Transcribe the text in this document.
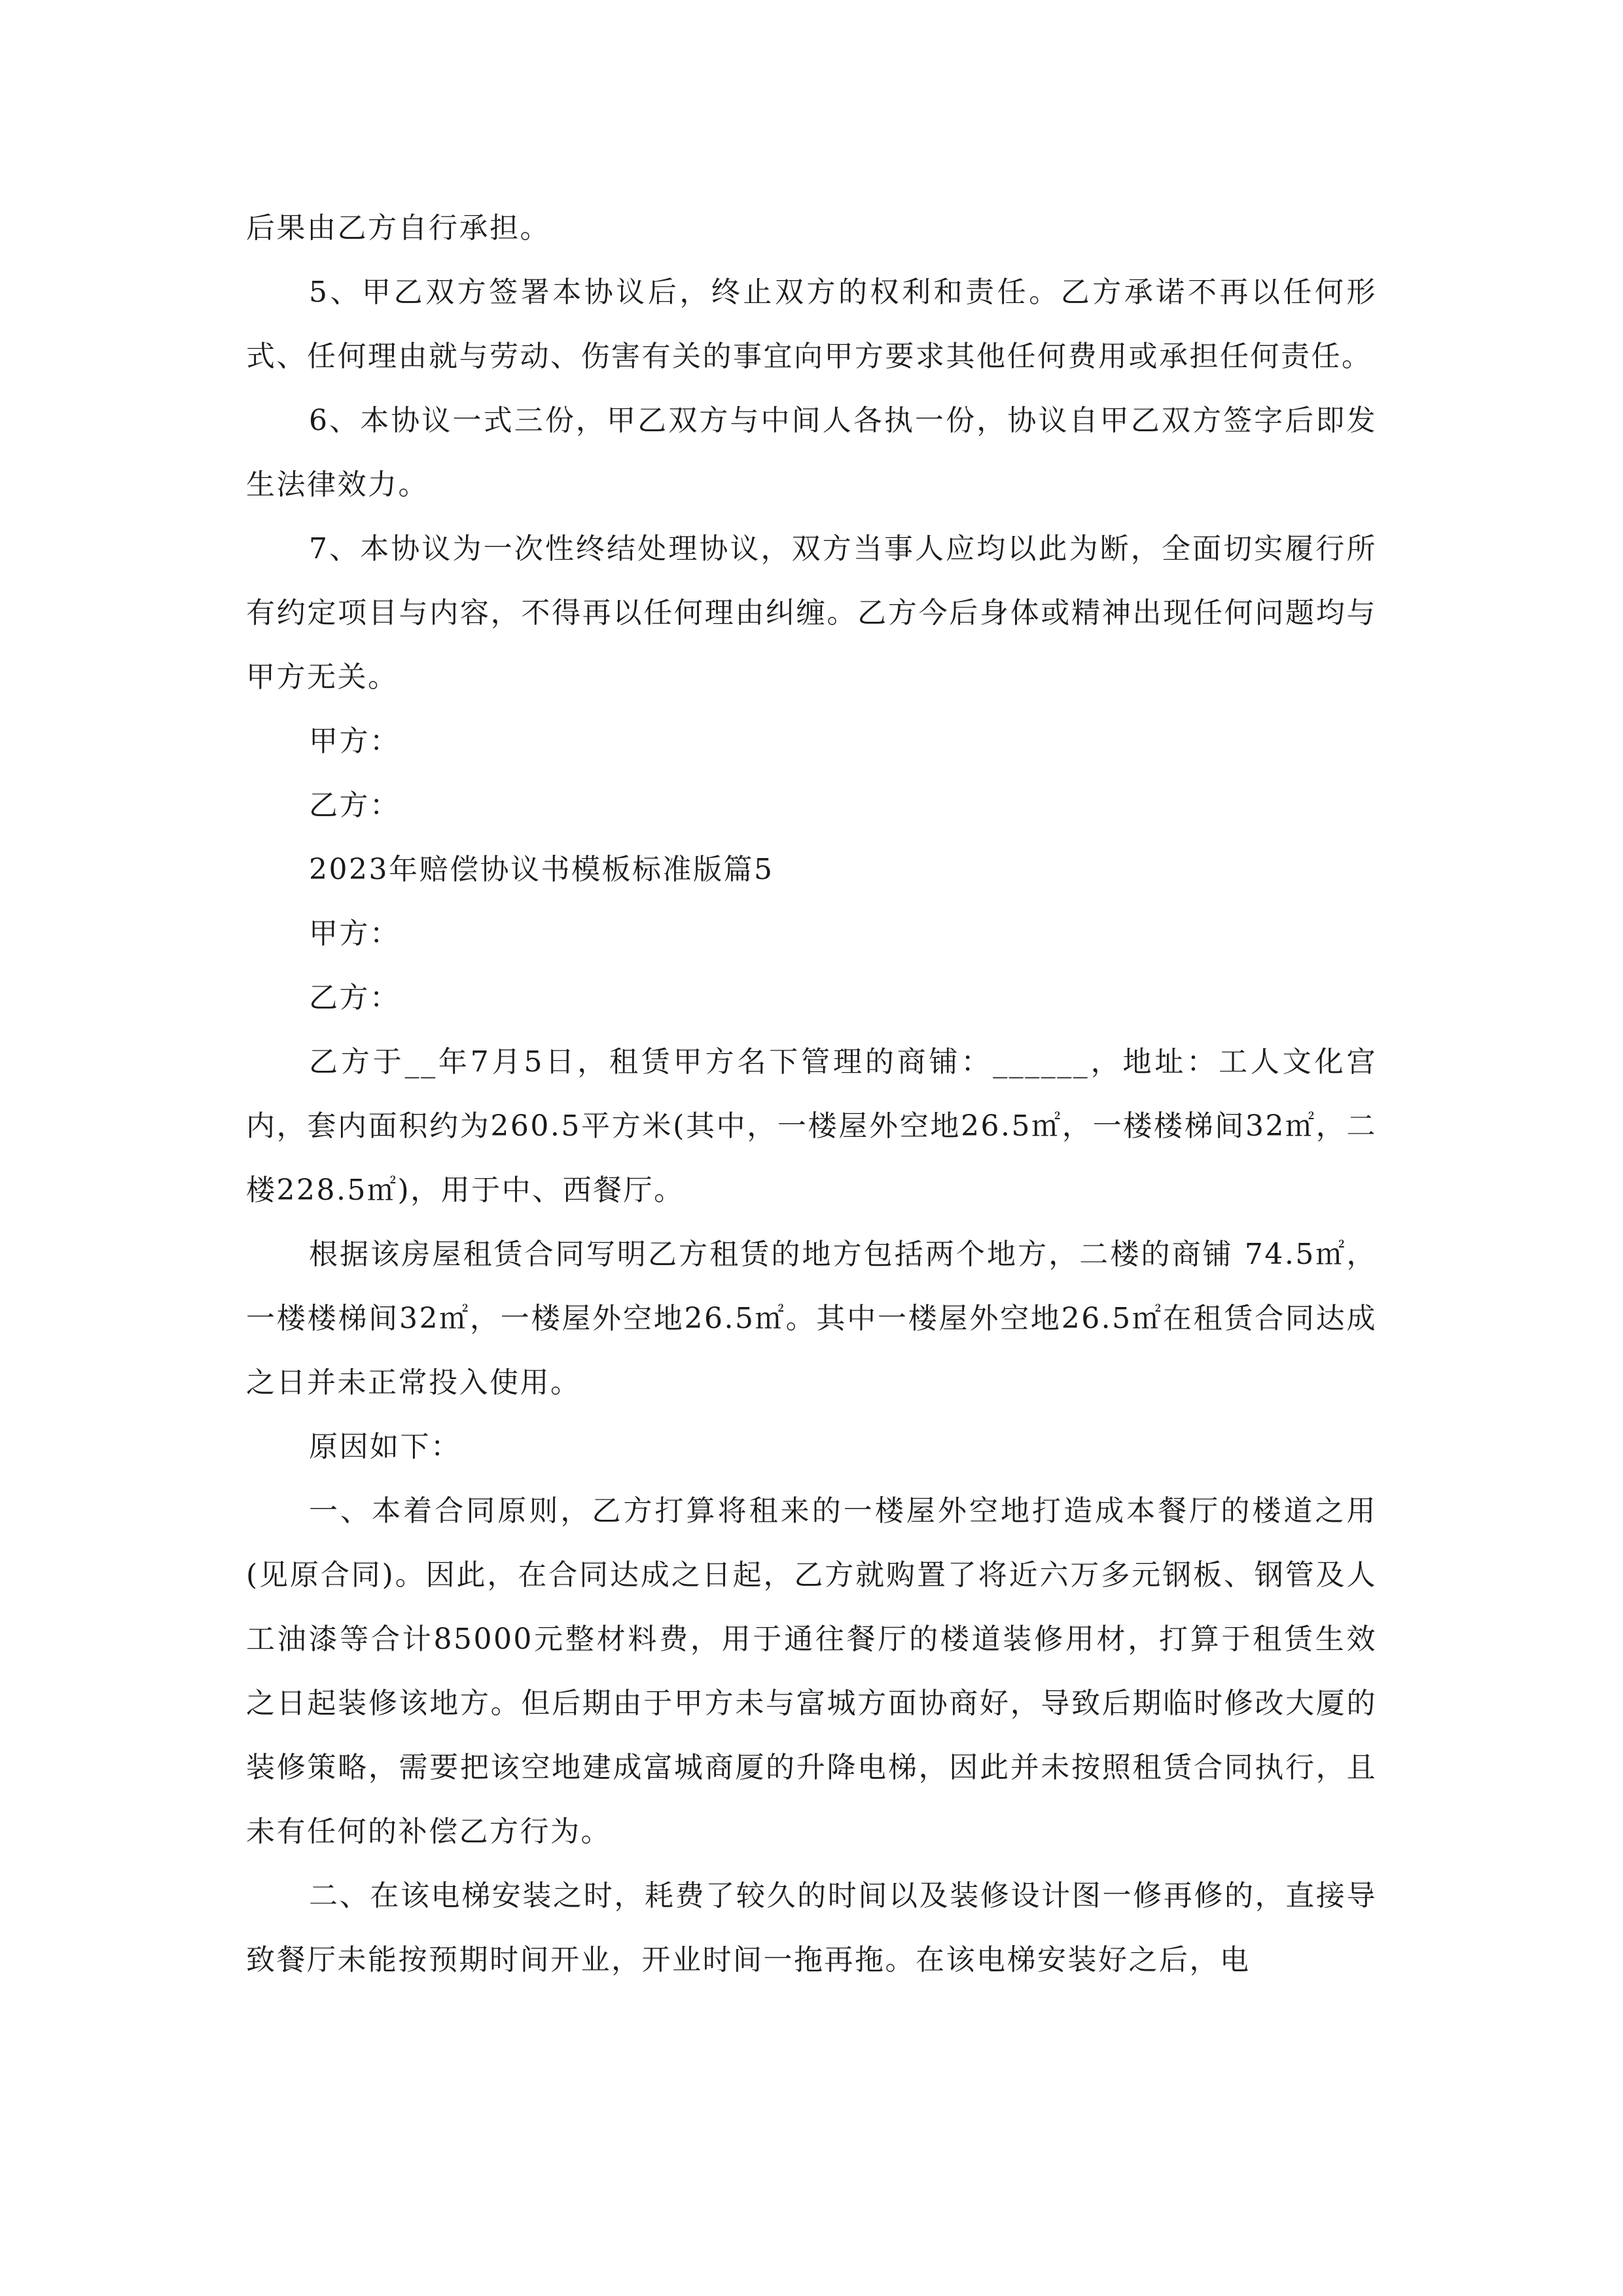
后果由乙方自行承担。

5、甲乙双方签署本协议后，终止双方的权利和责任。乙方承诺不再以任何形式、任何理由就与劳动、伤害有关的事宜向甲方要求其他任何费用或承担任何责任。

6、本协议一式三份，甲乙双方与中间人各执一份，协议自甲乙双方签字后即发生法律效力。

7、本协议为一次性终结处理协议，双方当事人应均以此为断，全面切实履行所有约定项目与内容，不得再以任何理由纠缠。乙方今后身体或精神出现任何问题均与甲方无关。

甲方：

乙方：

2023年赔偿协议书模板标准版篇5

甲方：

乙方：

乙方于__年7月5日，租赁甲方名下管理的商铺：______，地址：工人文化宫内，套内面积约为260.5平方米(其中，一楼屋外空地26.5㎡，一楼楼梯间32㎡，二楼228.5㎡)，用于中、西餐厅。

根据该房屋租赁合同写明乙方租赁的地方包括两个地方，二楼的商铺 74.5㎡，一楼楼梯间32㎡，一楼屋外空地26.5㎡。其中一楼屋外空地26.5㎡在租赁合同达成之日并未正常投入使用。

原因如下：

一、本着合同原则，乙方打算将租来的一楼屋外空地打造成本餐厅的楼道之用(见原合同)。因此，在合同达成之日起，乙方就购置了将近六万多元钢板、钢管及人工油漆等合计85000元整材料费，用于通往餐厅的楼道装修用材，打算于租赁生效之日起装修该地方。但后期由于甲方未与富城方面协商好，导致后期临时修改大厦的装修策略，需要把该空地建成富城商厦的升降电梯，因此并未按照租赁合同执行，且未有任何的补偿乙方行为。

二、在该电梯安装之时，耗费了较久的时间以及装修设计图一修再修的，直接导致餐厅未能按预期时间开业，开业时间一拖再拖。在该电梯安装好之后，电
